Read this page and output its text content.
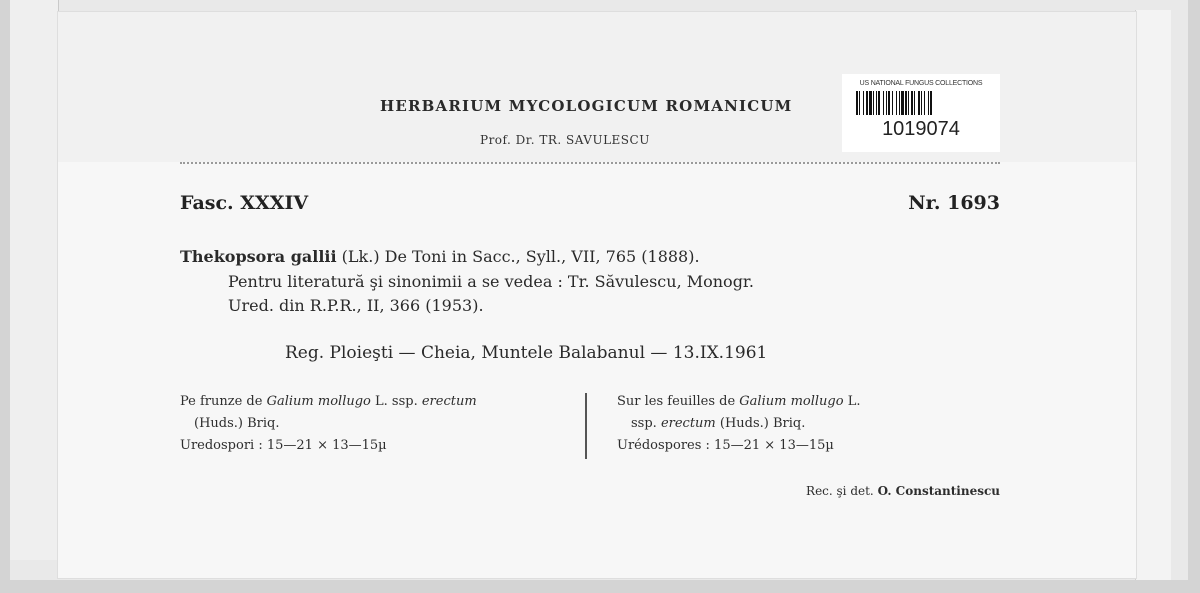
US NATIONAL FUNGUS COLLECTIONS
1019074
HERBARIUM MYCOLOGICUM ROMANICUM
Prof. Dr. TR. SAVULESCU
Fasc. XXXIV	Nr. 1693
Thekopsora gallii (Lk.) De Toni in Sacc., Syll., VII, 765 (1888).
Pentru literatură şi sinonimii a se vedea : Tr. Săvulescu, Monogr.
Ured. din R.P.R., II, 366 (1953).
Reg. Ploieşti — Cheia, Muntele Balabanul — 13.IX.1961
Pe frunze de Galium mollugo L. ssp. erectum
(Huds.) Briq.
Uredospori : 15—21 × 13—15µ
Sur les feuilles de Galium mollugo L.
ssp. erectum (Huds.) Briq.
Urédospores : 15—21 × 13—15µ
Rec. şi det. O. Constantinescu
